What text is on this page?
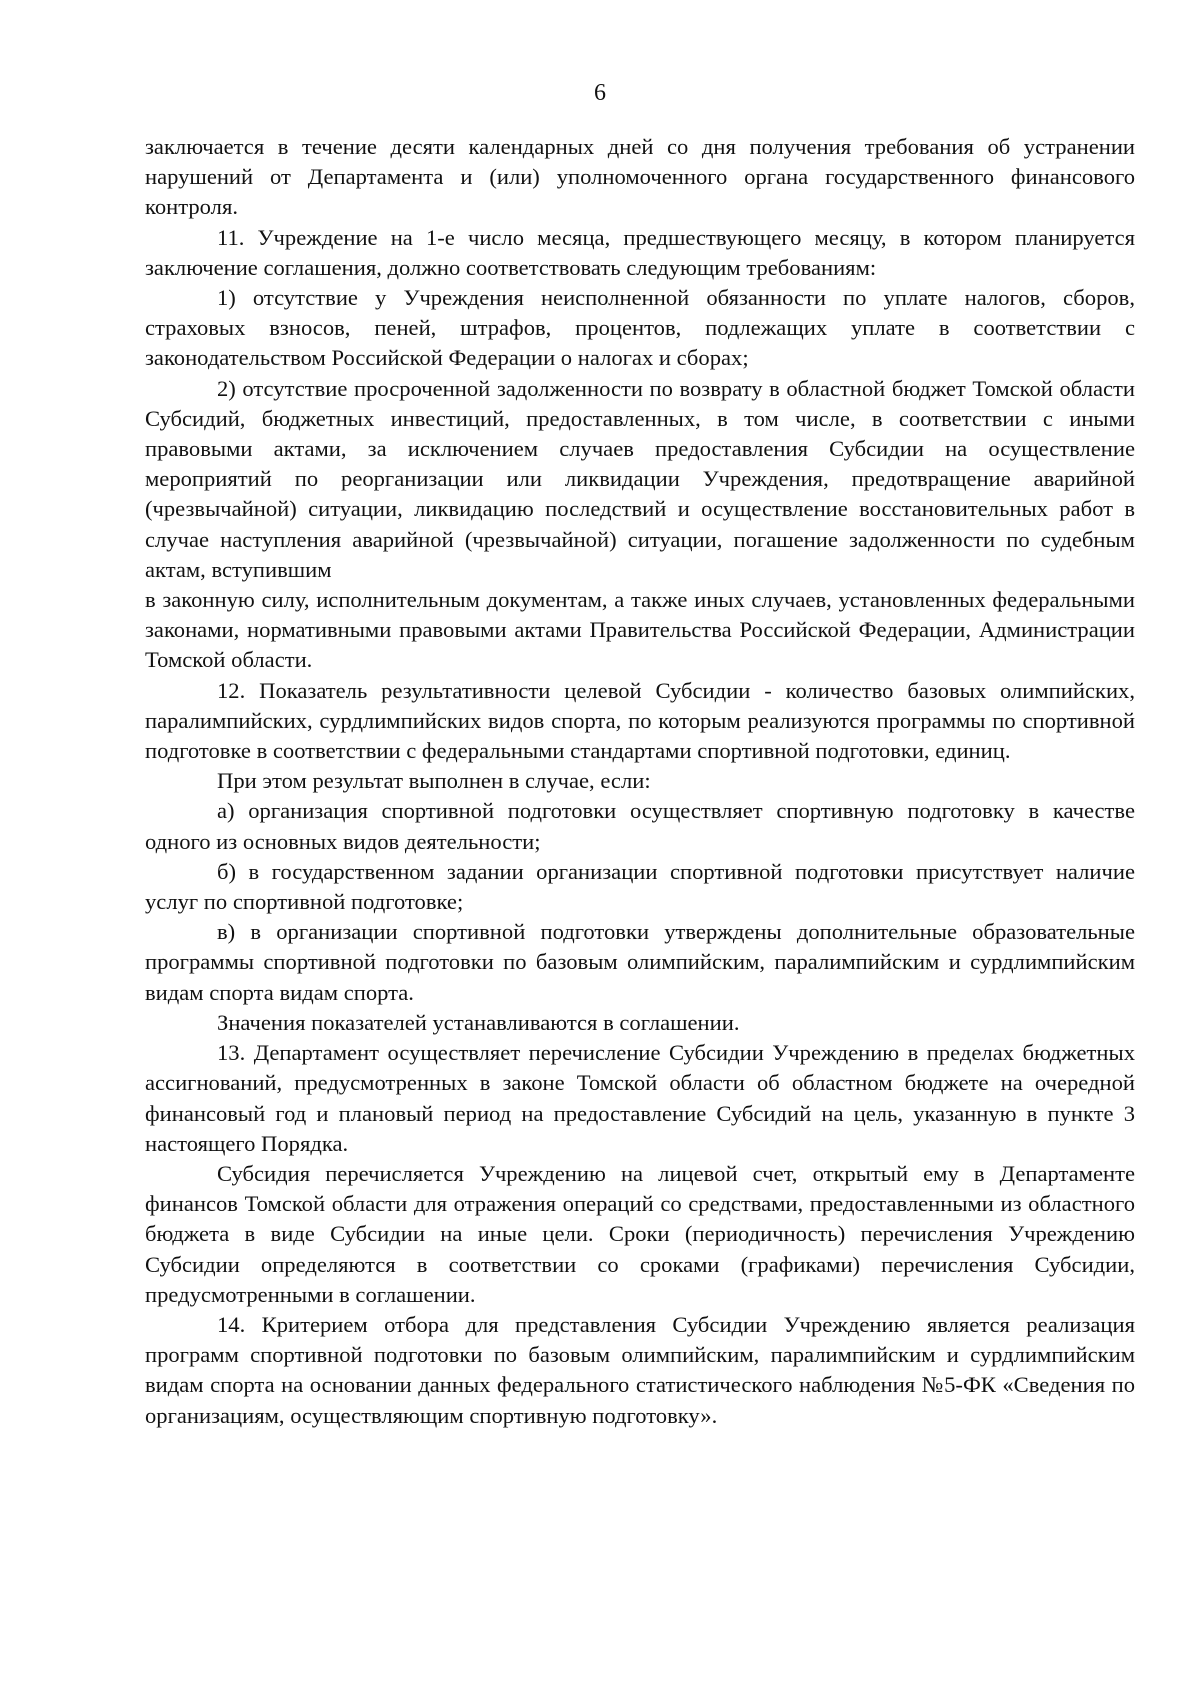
6

заключается в течение десяти календарных дней со дня получения требования об устранении нарушений от Департамента и (или) уполномоченного органа государственного финансового контроля.

11. Учреждение на 1-е число месяца, предшествующего месяцу, в котором планируется заключение соглашения, должно соответствовать следующим требованиям:

1) отсутствие у Учреждения неисполненной обязанности по уплате налогов, сборов, страховых взносов, пеней, штрафов, процентов, подлежащих уплате в соответствии с законодательством Российской Федерации о налогах и сборах;

2) отсутствие просроченной задолженности по возврату в областной бюджет Томской области Субсидий, бюджетных инвестиций, предоставленных, в том числе, в соответствии с иными правовыми актами, за исключением случаев предоставления Субсидии на осуществление мероприятий по реорганизации или ликвидации Учреждения, предотвращение аварийной (чрезвычайной) ситуации, ликвидацию последствий и осуществление восстановительных работ в случае наступления аварийной (чрезвычайной) ситуации, погашение задолженности по судебным актам, вступившим

в законную силу, исполнительным документам, а также иных случаев, установленных федеральными законами, нормативными правовыми актами Правительства Российской Федерации, Администрации Томской области.

12. Показатель результативности целевой Субсидии - количество базовых олимпийских, паралимпийских, сурдлимпийских видов спорта, по которым реализуются программы по спортивной подготовке в соответствии с федеральными стандартами спортивной подготовки, единиц.

При этом результат выполнен в случае, если:

а) организация спортивной подготовки осуществляет спортивную подготовку в качестве одного из основных видов деятельности;

б) в государственном задании организации спортивной подготовки присутствует наличие услуг по спортивной подготовке;

в) в организации спортивной подготовки утверждены дополнительные образовательные программы спортивной подготовки по базовым олимпийским, паралимпийским и сурдлимпийским видам спорта видам спорта.

Значения показателей устанавливаются в соглашении.

13. Департамент осуществляет перечисление Субсидии Учреждению в пределах бюджетных ассигнований, предусмотренных в законе Томской области об областном бюджете на очередной финансовый год и плановый период на предоставление Субсидий на цель, указанную в пункте 3 настоящего Порядка.

Субсидия перечисляется Учреждению на лицевой счет, открытый ему в Департаменте финансов Томской области для отражения операций со средствами, предоставленными из областного бюджета в виде Субсидии на иные цели. Сроки (периодичность) перечисления Учреждению Субсидии определяются в соответствии со сроками (графиками) перечисления Субсидии, предусмотренными в соглашении.

14. Критерием отбора для представления Субсидии Учреждению является реализация программ спортивной подготовки по базовым олимпийским, паралимпийским и сурдлимпийским видам спорта на основании данных федерального статистического наблюдения №5-ФК «Сведения по организациям, осуществляющим спортивную подготовку».
